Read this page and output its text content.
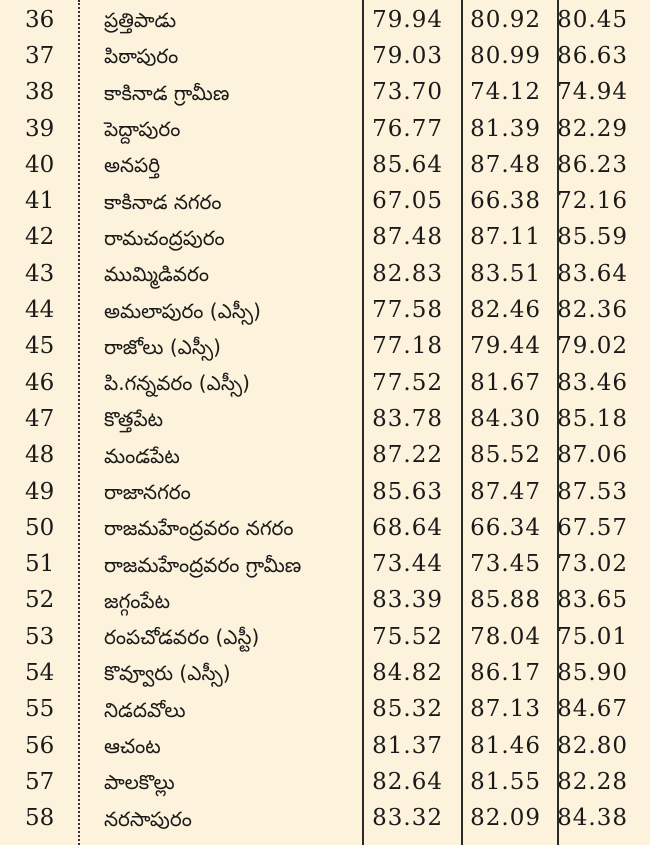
36	ప్రత్తిపాడు	79.94	80.92	80.45
37	పిఠాపురం	79.03	80.99	86.63
38	కాకినాడ గ్రామీణ	73.70	74.12	74.94
39	పెద్దాపురం	76.77	81.39	82.29
40	అనపర్తి	85.64	87.48	86.23
41	కాకినాడ నగరం	67.05	66.38	72.16
42	రామచంద్రపురం	87.48	87.11	85.59
43	ముమ్మిడివరం	82.83	83.51	83.64
44	అమలాపురం (ఎస్సీ)	77.58	82.46	82.36
45	రాజోలు (ఎస్సీ)	77.18	79.44	79.02
46	పి.గన్నవరం (ఎస్సీ)	77.52	81.67	83.46
47	కొత్తపేట	83.78	84.30	85.18
48	మండపేట	87.22	85.52	87.06
49	రాజానగరం	85.63	87.47	87.53
50	రాజమహేంద్రవరం నగరం	68.64	66.34	67.57
51	రాజమహేంద్రవరం గ్రామీణ	73.44	73.45	73.02
52	జగ్గంపేట	83.39	85.88	83.65
53	రంపచోడవరం (ఎస్టీ)	75.52	78.04	75.01
54	కొవ్వూరు (ఎస్సీ)	84.82	86.17	85.90
55	నిడదవోలు	85.32	87.13	84.67
56	ఆచంట	81.37	81.46	82.80
57	పాలకొల్లు	82.64	81.55	82.28
58	నరసాపురం	83.32	82.09	84.38
